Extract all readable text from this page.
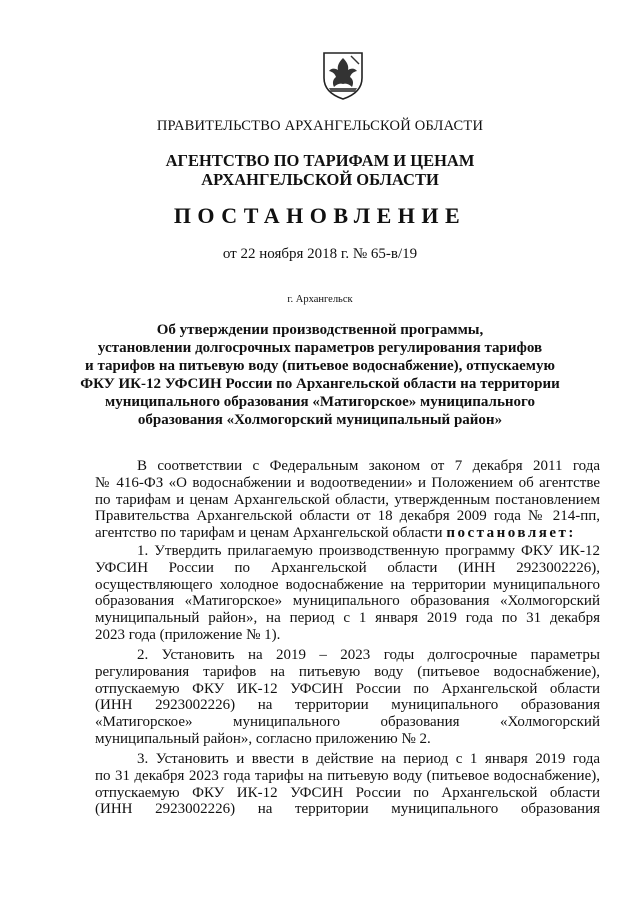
ПРАВИТЕЛЬСТВО АРХАНГЕЛЬСКОЙ ОБЛАСТИ
АГЕНТСТВО ПО ТАРИФАМ И ЦЕНАМ
АРХАНГЕЛЬСКОЙ ОБЛАСТИ
ПОСТАНОВЛЕНИЕ
от 22 ноября 2018 г. № 65-в/19
г. Архангельск
Об утверждении производственной программы,
установлении долгосрочных параметров регулирования тарифов
и тарифов на питьевую воду (питьевое водоснабжение), отпускаемую
ФКУ ИК-12 УФСИН России по Архангельской области на территории
муниципального образования «Матигорское» муниципального
образования «Холмогорский муниципальный район»
В соответствии с Федеральным законом от 7 декабря 2011 года
№ 416-ФЗ «О водоснабжении и водоотведении» и Положением об агентстве
по тарифам и ценам Архангельской области, утвержденным постановлением
Правительства Архангельской области от 18 декабря 2009 года № 214-пп,
агентство по тарифам и ценам Архангельской области постановляет:
1. Утвердить прилагаемую производственную программу ФКУ ИК-12
УФСИН России по Архангельской области (ИНН 2923002226),
осуществляющего холодное водоснабжение на территории муниципального
образования «Матигорское» муниципального образования «Холмогорский
муниципальный район», на период с 1 января 2019 года по 31 декабря
2023 года (приложение № 1).
2. Установить на 2019 – 2023 годы долгосрочные параметры
регулирования тарифов на питьевую воду (питьевое водоснабжение),
отпускаемую ФКУ ИК-12 УФСИН России по Архангельской области
(ИНН 2923002226) на территории муниципального образования
«Матигорское» муниципального образования «Холмогорский
муниципальный район», согласно приложению № 2.
3. Установить и ввести в действие на период с 1 января 2019 года
по 31 декабря 2023 года тарифы на питьевую воду (питьевое водоснабжение),
отпускаемую ФКУ ИК-12 УФСИН России по Архангельской области
(ИНН 2923002226) на территории муниципального образования
